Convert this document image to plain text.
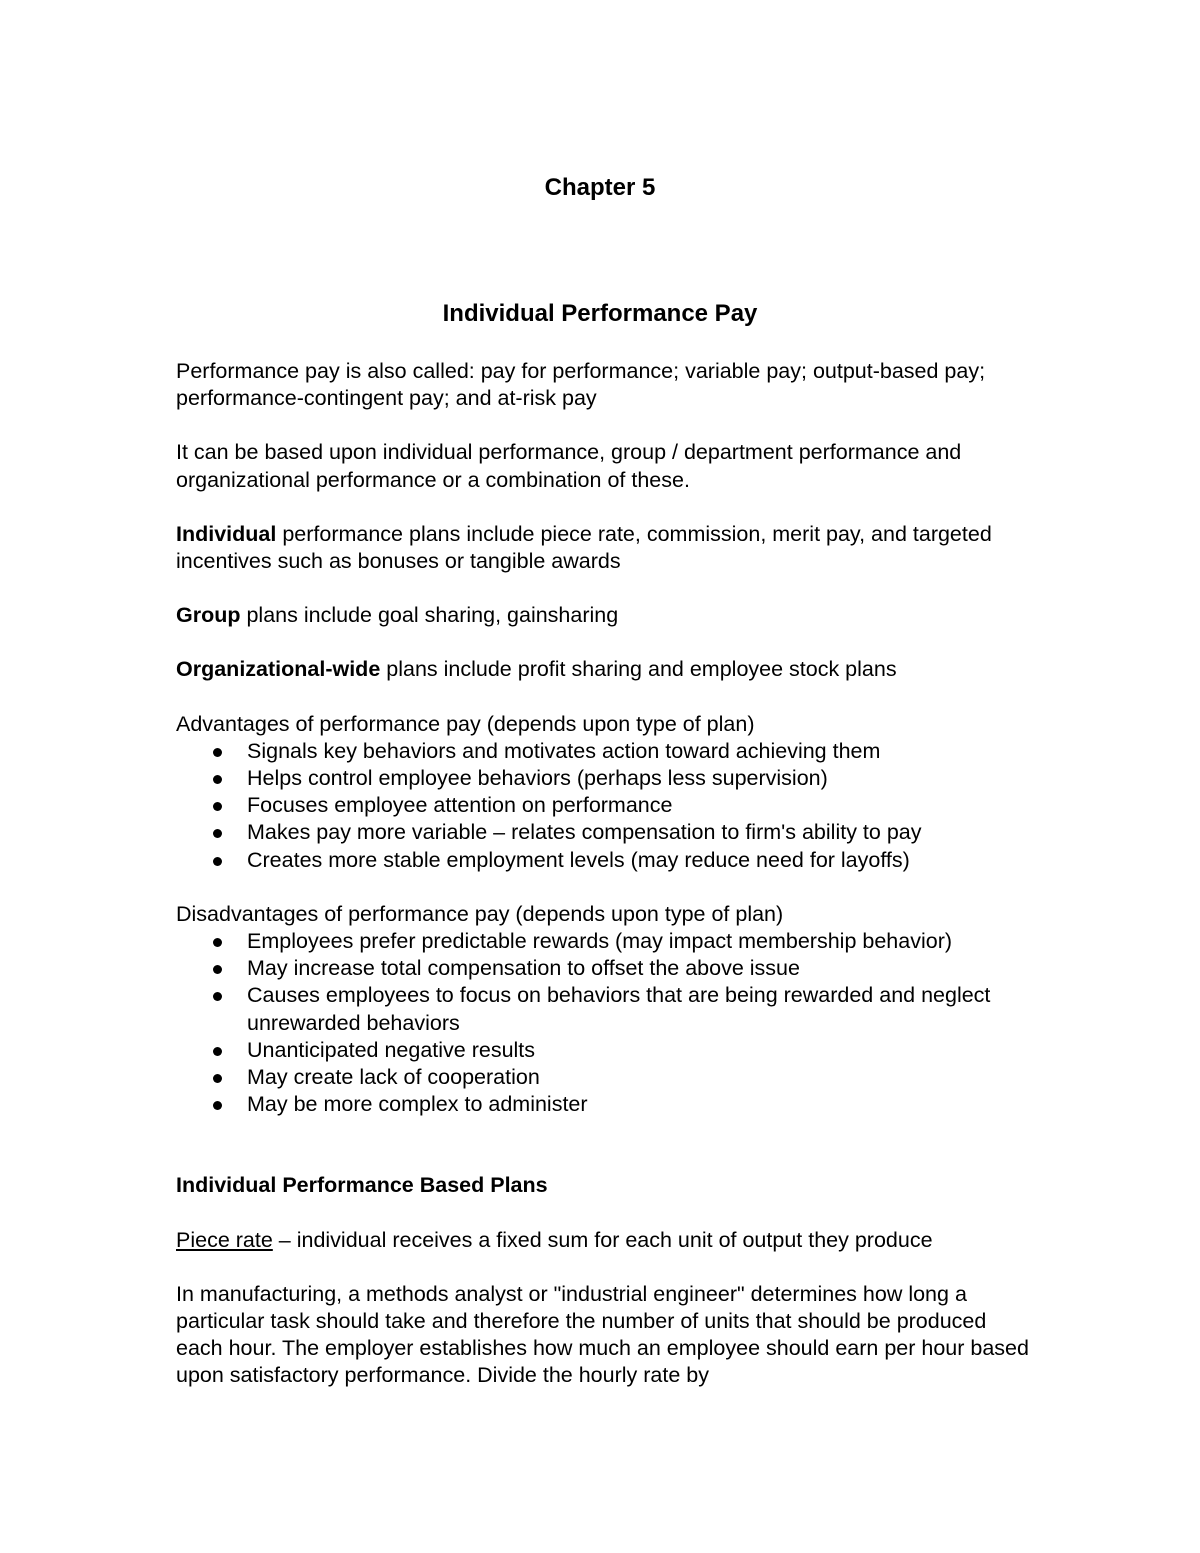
Chapter 5
Individual Performance Pay

Performance pay is also called: pay for performance; variable pay; output-based pay; performance-contingent pay; and at-risk pay

It can be based upon individual performance, group / department performance and organizational performance or a combination of these.

Individual performance plans include piece rate, commission, merit pay, and targeted incentives such as bonuses or tangible awards

Group plans include goal sharing, gainsharing

Organizational-wide plans include profit sharing and employee stock plans

Advantages of performance pay (depends upon type of plan)

Signals key behaviors and motivates action toward achieving them
Helps control employee behaviors (perhaps less supervision)
Focuses employee attention on performance
Makes pay more variable – relates compensation to firm's ability to pay
Creates more stable employment levels (may reduce need for layoffs)

Disadvantages of performance pay (depends upon type of plan)

Employees prefer predictable rewards (may impact membership behavior)
May increase total compensation to offset the above issue
Causes employees to focus on behaviors that are being rewarded and neglect unrewarded behaviors
Unanticipated negative results
May create lack of cooperation
May be more complex to administer

Individual Performance Based Plans

Piece rate – individual receives a fixed sum for each unit of output they produce

In manufacturing, a methods analyst or "industrial engineer" determines how long a particular task should take and therefore the number of units that should be produced each hour. The employer establishes how much an employee should earn per hour based upon satisfactory performance. Divide the hourly rate by
